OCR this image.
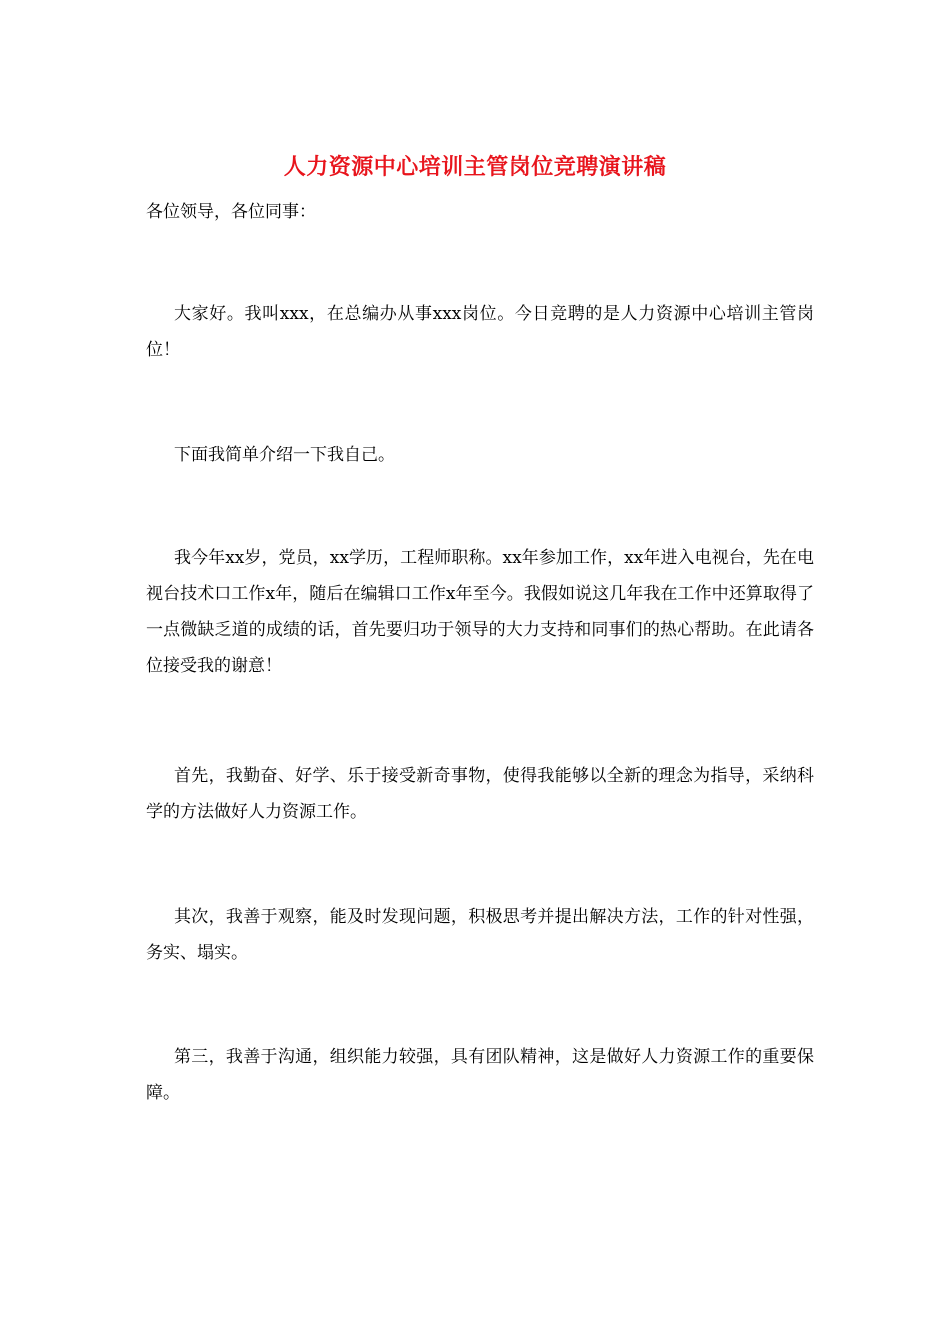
人力资源中心培训主管岗位竞聘演讲稿
各位领导，各位同事：

大家好。我叫xxx，在总编办从事xxx岗位。今日竞聘的是人力资源中心培训主管岗位！

下面我简单介绍一下我自己。

我今年xx岁，党员，xx学历，工程师职称。xx年参加工作，xx年进入电视台，先在电视台技术口工作x年，随后在编辑口工作x年至今。我假如说这几年我在工作中还算取得了一点微缺乏道的成绩的话，首先要归功于领导的大力支持和同事们的热心帮助。在此请各位接受我的谢意！

首先，我勤奋、好学、乐于接受新奇事物，使得我能够以全新的理念为指导，采纳科学的方法做好人力资源工作。

其次，我善于观察，能及时发现问题，积极思考并提出解决方法，工作的针对性强，务实、塌实。

第三，我善于沟通，组织能力较强，具有团队精神，这是做好人力资源工作的重要保障。
